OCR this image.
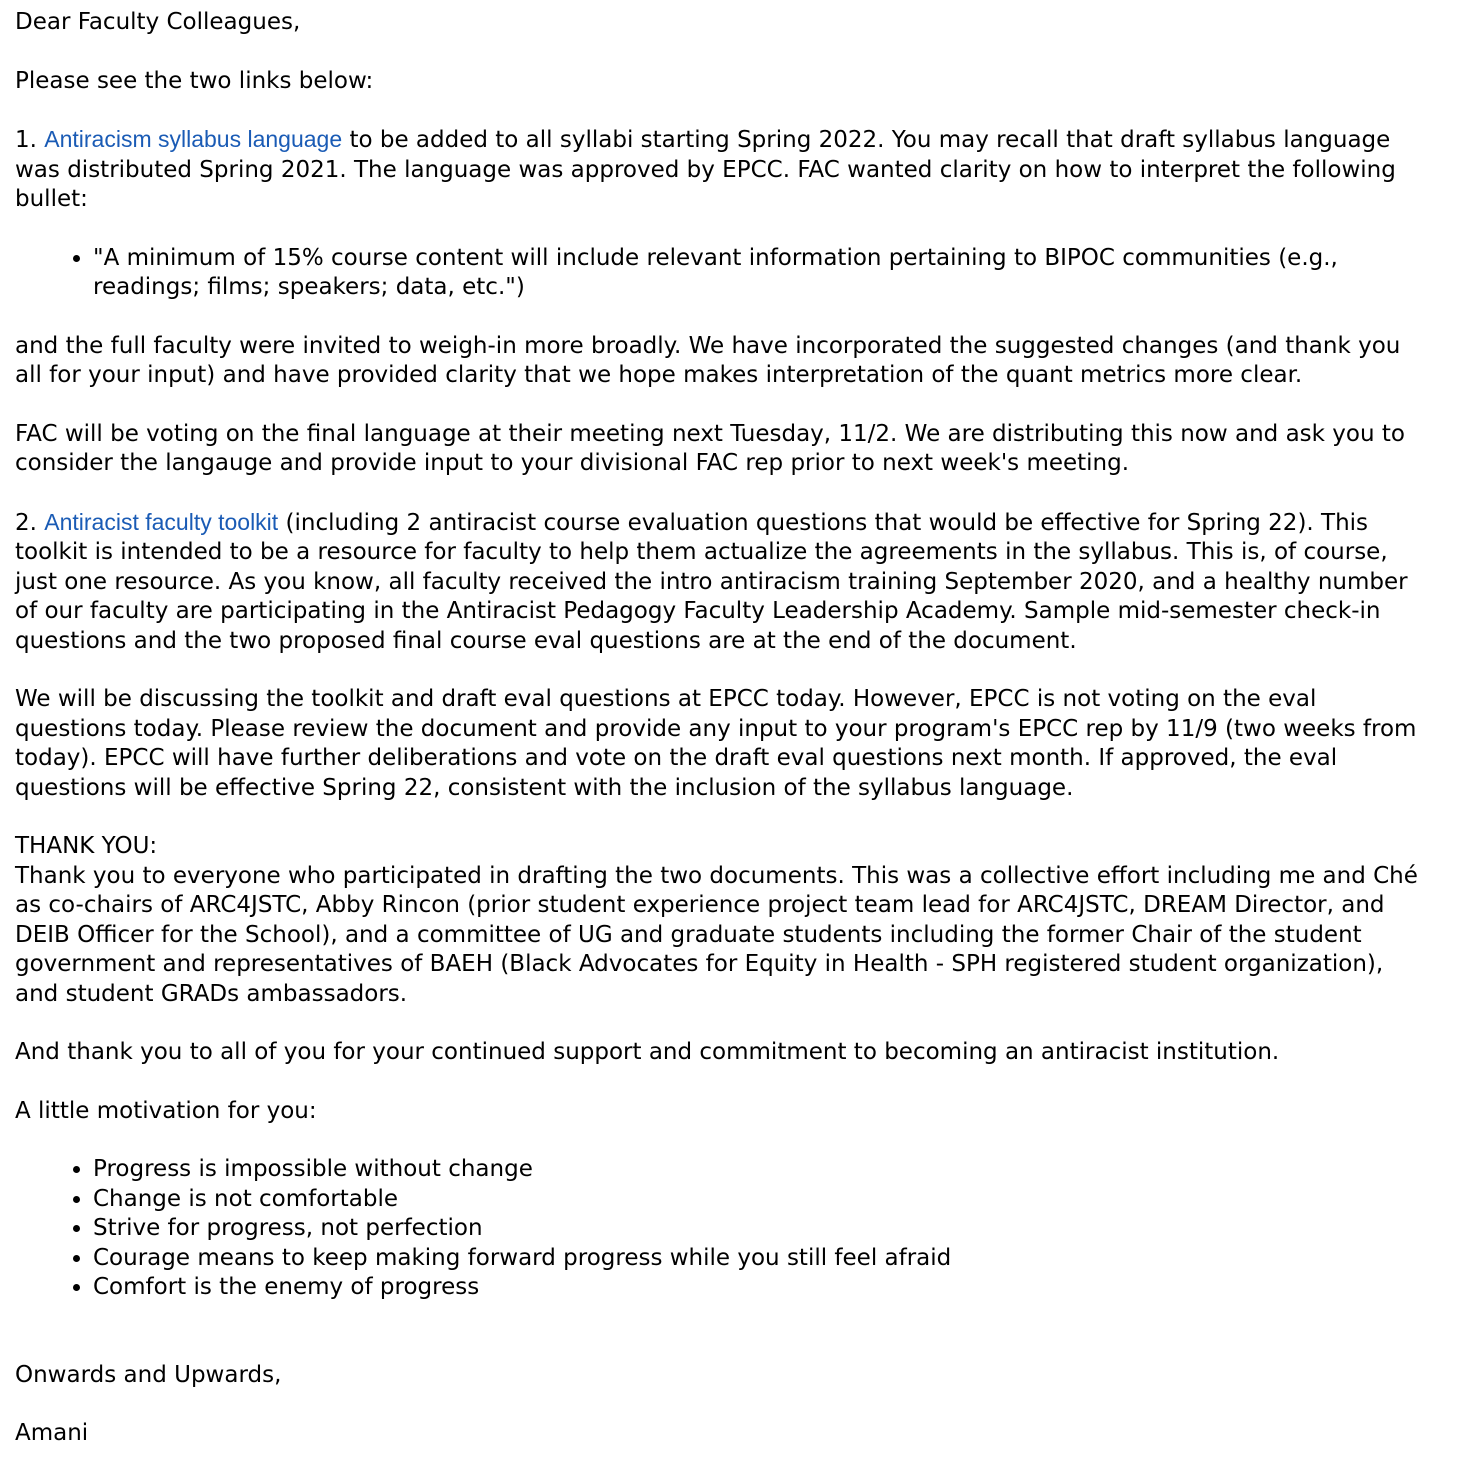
Dear Faculty Colleagues,

Please see the two links below:

1. Antiracism syllabus language to be added to all syllabi starting Spring 2022. You may recall that draft syllabus language was distributed Spring 2021. The language was approved by EPCC. FAC wanted clarity on how to interpret the following bullet:

• "A minimum of 15% course content will include relevant information pertaining to BIPOC communities (e.g., readings; films; speakers; data, etc.")

and the full faculty were invited to weigh-in more broadly. We have incorporated the suggested changes (and thank you all for your input) and have provided clarity that we hope makes interpretation of the quant metrics more clear.

FAC will be voting on the final language at their meeting next Tuesday, 11/2. We are distributing this now and ask you to consider the langauge and provide input to your divisional FAC rep prior to next week's meeting.

2. Antiracist faculty toolkit (including 2 antiracist course evaluation questions that would be effective for Spring 22). This toolkit is intended to be a resource for faculty to help them actualize the agreements in the syllabus. This is, of course, just one resource. As you know, all faculty received the intro antiracism training September 2020, and a healthy number of our faculty are participating in the Antiracist Pedagogy Faculty Leadership Academy. Sample mid-semester check-in questions and the two proposed final course eval questions are at the end of the document.

We will be discussing the toolkit and draft eval questions at EPCC today. However, EPCC is not voting on the eval questions today. Please review the document and provide any input to your program's EPCC rep by 11/9 (two weeks from today). EPCC will have further deliberations and vote on the draft eval questions next month. If approved, the eval questions will be effective Spring 22, consistent with the inclusion of the syllabus language.

THANK YOU:

Thank you to everyone who participated in drafting the two documents. This was a collective effort including me and Ché as co-chairs of ARC4JSTC, Abby Rincon (prior student experience project team lead for ARC4JSTC, DREAM Director, and DEIB Officer for the School), and a committee of UG and graduate students including the former Chair of the student government and representatives of BAEH (Black Advocates for Equity in Health - SPH registered student organization), and student GRADs ambassadors.

And thank you to all of you for your continued support and commitment to becoming an antiracist institution.

A little motivation for you:

• Progress is impossible without change
• Change is not comfortable
• Strive for progress, not perfection
• Courage means to keep making forward progress while you still feel afraid
• Comfort is the enemy of progress

Onwards and Upwards,

Amani
